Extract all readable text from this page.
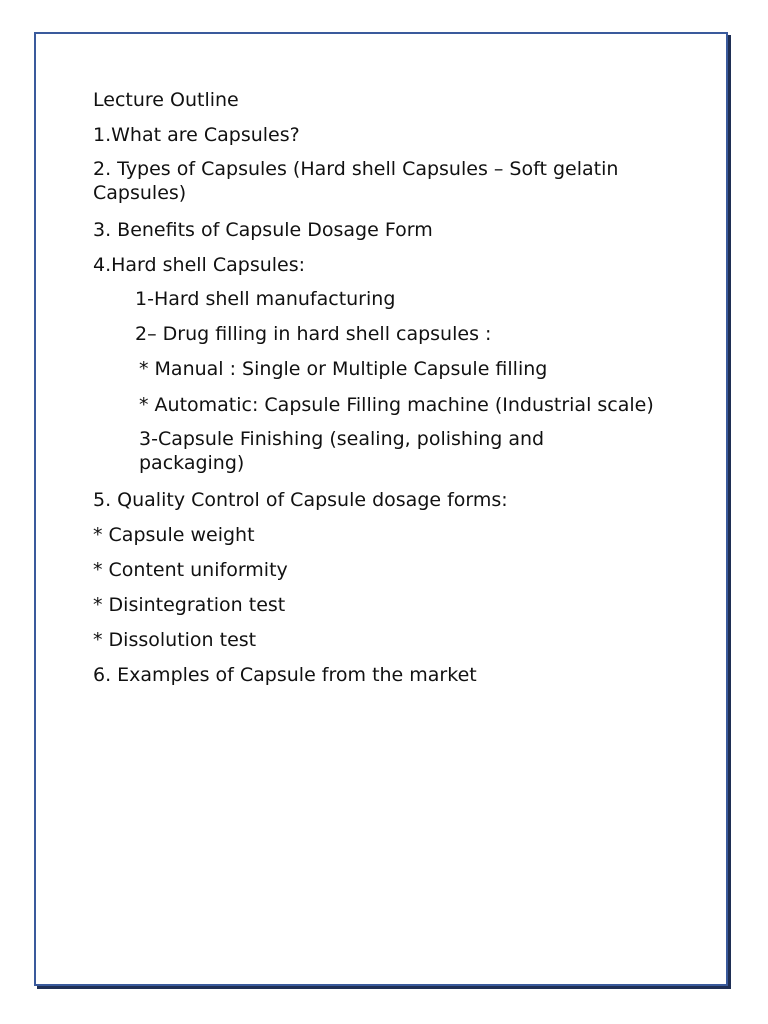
Lecture Outline
1.What are Capsules?
2. Types of Capsules (Hard shell Capsules – Soft gelatin Capsules)
3. Benefits of Capsule Dosage Form
4.Hard shell Capsules:
1-Hard shell manufacturing
2– Drug filling in hard shell capsules :
* Manual : Single or Multiple Capsule filling
* Automatic: Capsule Filling machine (Industrial scale)
3-Capsule Finishing (sealing, polishing and packaging)
5. Quality Control of Capsule dosage forms:
* Capsule weight
* Content uniformity
* Disintegration test
* Dissolution test
6. Examples of Capsule from the market
